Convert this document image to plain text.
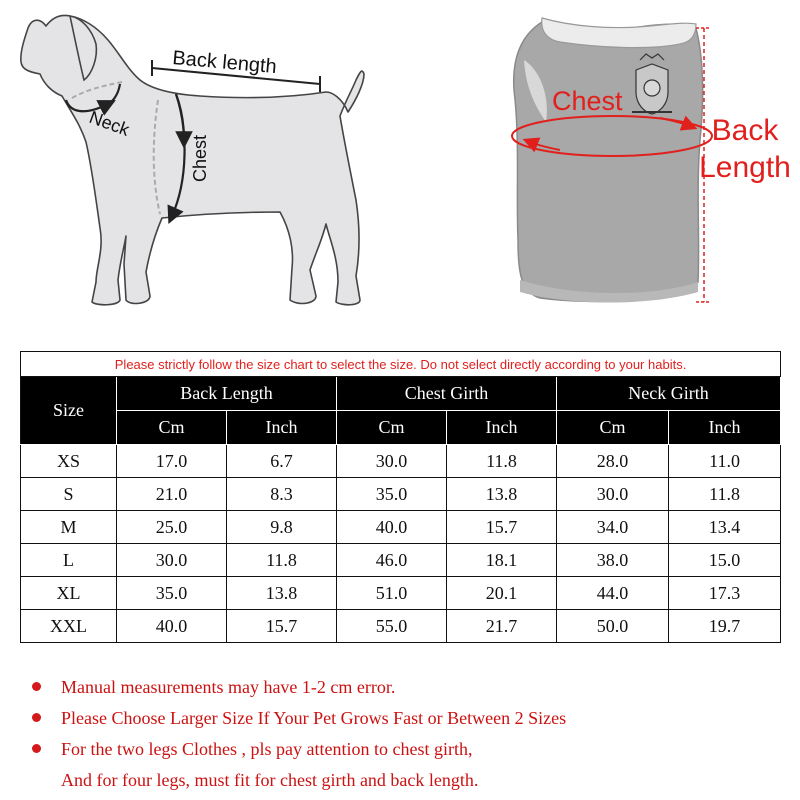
Back length
Neck
Chest
Chest
Back
Length
Please strictly follow the size chart to select the size. Do not select directly according to your habits.						
Size	Back Length		Chest Girth		Neck Girth	
	Cm	Inch	Cm	Inch	Cm	Inch
XS	17.0	6.7	30.0	11.8	28.0	11.0
S	21.0	8.3	35.0	13.8	30.0	11.8
M	25.0	9.8	40.0	15.7	34.0	13.4
L	30.0	11.8	46.0	18.1	38.0	15.0
XL	35.0	13.8	51.0	20.1	44.0	17.3
XXL	40.0	15.7	55.0	21.7	50.0	19.7
Manual measurements may have 1-2 cm error.
Please Choose Larger Size If Your Pet Grows Fast or Between 2 Sizes
For the two legs Clothes , pls pay attention to chest girth,
And for four legs, must fit for chest girth and back length.
